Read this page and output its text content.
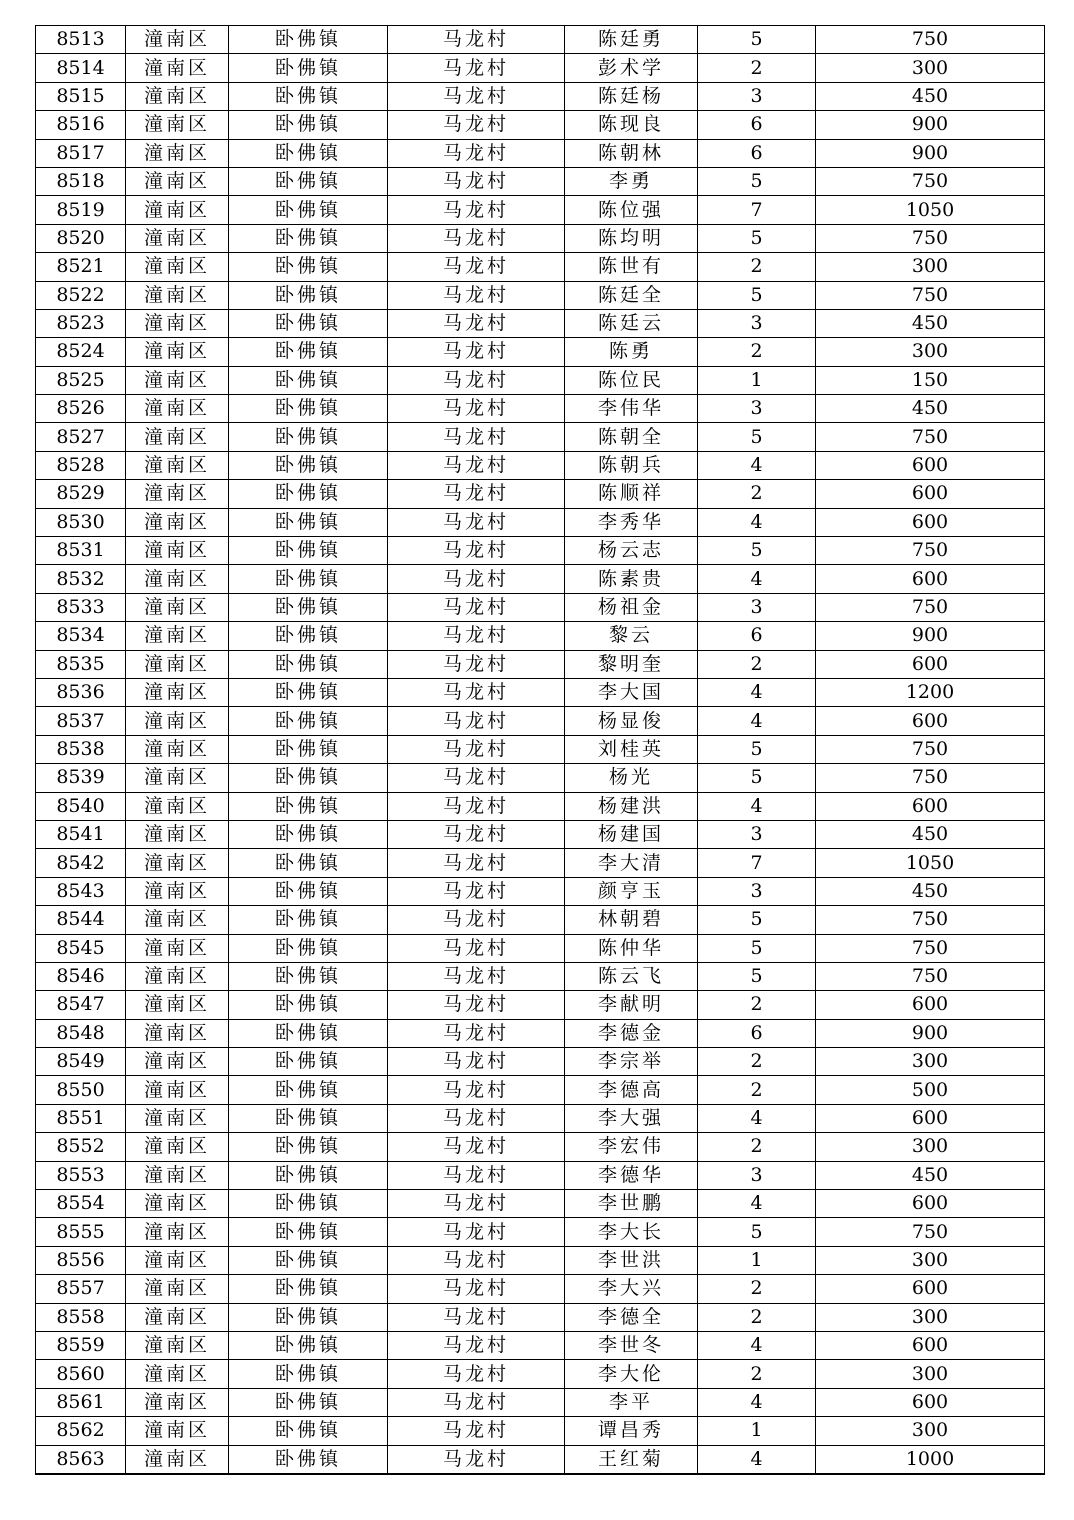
8513	潼南区	卧佛镇	马龙村	陈廷勇	5	750
8514	潼南区	卧佛镇	马龙村	彭术学	2	300
8515	潼南区	卧佛镇	马龙村	陈廷杨	3	450
8516	潼南区	卧佛镇	马龙村	陈现良	6	900
8517	潼南区	卧佛镇	马龙村	陈朝林	6	900
8518	潼南区	卧佛镇	马龙村	李勇	5	750
8519	潼南区	卧佛镇	马龙村	陈位强	7	1050
8520	潼南区	卧佛镇	马龙村	陈均明	5	750
8521	潼南区	卧佛镇	马龙村	陈世有	2	300
8522	潼南区	卧佛镇	马龙村	陈廷全	5	750
8523	潼南区	卧佛镇	马龙村	陈廷云	3	450
8524	潼南区	卧佛镇	马龙村	陈勇	2	300
8525	潼南区	卧佛镇	马龙村	陈位民	1	150
8526	潼南区	卧佛镇	马龙村	李伟华	3	450
8527	潼南区	卧佛镇	马龙村	陈朝全	5	750
8528	潼南区	卧佛镇	马龙村	陈朝兵	4	600
8529	潼南区	卧佛镇	马龙村	陈顺祥	2	600
8530	潼南区	卧佛镇	马龙村	李秀华	4	600
8531	潼南区	卧佛镇	马龙村	杨云志	5	750
8532	潼南区	卧佛镇	马龙村	陈素贵	4	600
8533	潼南区	卧佛镇	马龙村	杨祖金	3	750
8534	潼南区	卧佛镇	马龙村	黎云	6	900
8535	潼南区	卧佛镇	马龙村	黎明奎	2	600
8536	潼南区	卧佛镇	马龙村	李大国	4	1200
8537	潼南区	卧佛镇	马龙村	杨显俊	4	600
8538	潼南区	卧佛镇	马龙村	刘桂英	5	750
8539	潼南区	卧佛镇	马龙村	杨光	5	750
8540	潼南区	卧佛镇	马龙村	杨建洪	4	600
8541	潼南区	卧佛镇	马龙村	杨建国	3	450
8542	潼南区	卧佛镇	马龙村	李大清	7	1050
8543	潼南区	卧佛镇	马龙村	颜亨玉	3	450
8544	潼南区	卧佛镇	马龙村	林朝碧	5	750
8545	潼南区	卧佛镇	马龙村	陈仲华	5	750
8546	潼南区	卧佛镇	马龙村	陈云飞	5	750
8547	潼南区	卧佛镇	马龙村	李献明	2	600
8548	潼南区	卧佛镇	马龙村	李德金	6	900
8549	潼南区	卧佛镇	马龙村	李宗举	2	300
8550	潼南区	卧佛镇	马龙村	李德高	2	500
8551	潼南区	卧佛镇	马龙村	李大强	4	600
8552	潼南区	卧佛镇	马龙村	李宏伟	2	300
8553	潼南区	卧佛镇	马龙村	李德华	3	450
8554	潼南区	卧佛镇	马龙村	李世鹏	4	600
8555	潼南区	卧佛镇	马龙村	李大长	5	750
8556	潼南区	卧佛镇	马龙村	李世洪	1	300
8557	潼南区	卧佛镇	马龙村	李大兴	2	600
8558	潼南区	卧佛镇	马龙村	李德全	2	300
8559	潼南区	卧佛镇	马龙村	李世冬	4	600
8560	潼南区	卧佛镇	马龙村	李大伦	2	300
8561	潼南区	卧佛镇	马龙村	李平	4	600
8562	潼南区	卧佛镇	马龙村	谭昌秀	1	300
8563	潼南区	卧佛镇	马龙村	王红菊	4	1000
